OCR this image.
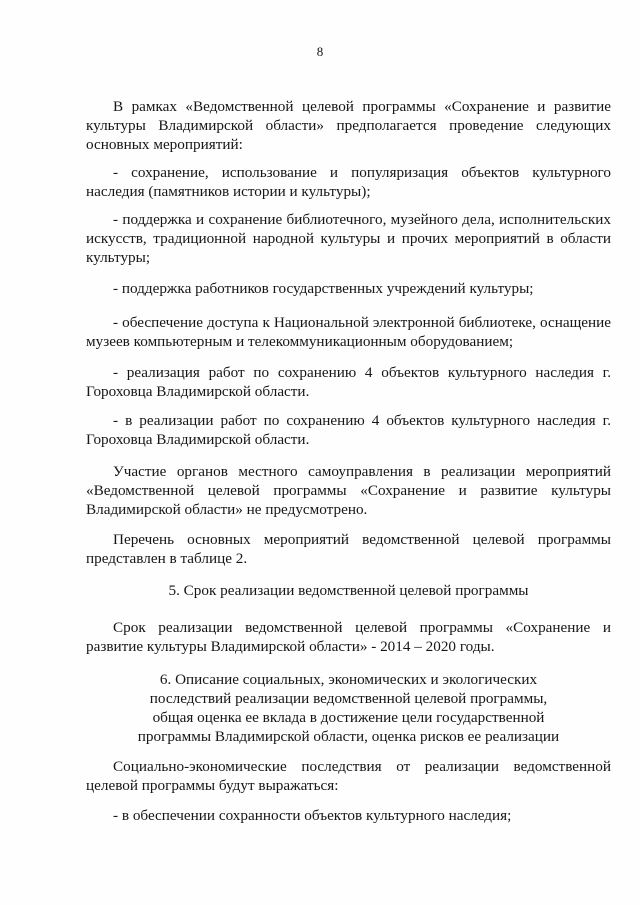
8

В рамках «Ведомственной целевой программы «Сохранение и развитие культуры Владимирской области» предполагается проведение следующих основных мероприятий:

- сохранение, использование и популяризация объектов культурного наследия (памятников истории и культуры);

- поддержка и сохранение библиотечного, музейного дела, исполнительских искусств, традиционной народной культуры и прочих мероприятий в области культуры;

- поддержка работников государственных учреждений культуры;

- обеспечение доступа к Национальной электронной библиотеке, оснащение музеев компьютерным и телекоммуникационным оборудованием;

- реализация работ по сохранению 4 объектов культурного наследия г. Гороховца Владимирской области.

- в реализации работ по сохранению 4 объектов культурного наследия г. Гороховца Владимирской области.

Участие органов местного самоуправления в реализации мероприятий «Ведомственной целевой программы «Сохранение и развитие культуры Владимирской области» не предусмотрено.

Перечень основных мероприятий ведомственной целевой программы представлен в таблице 2.

5. Срок реализации ведомственной целевой программы

Срок реализации ведомственной целевой программы «Сохранение и развитие культуры Владимирской области» - 2014 – 2020 годы.

6. Описание социальных, экономических и экологических
последствий реализации ведомственной целевой программы,
общая оценка ее вклада в достижение цели государственной
программы Владимирской области, оценка рисков ее реализации

Социально-экономические последствия от реализации ведомственной целевой программы будут выражаться:

- в обеспечении сохранности объектов культурного наследия;
